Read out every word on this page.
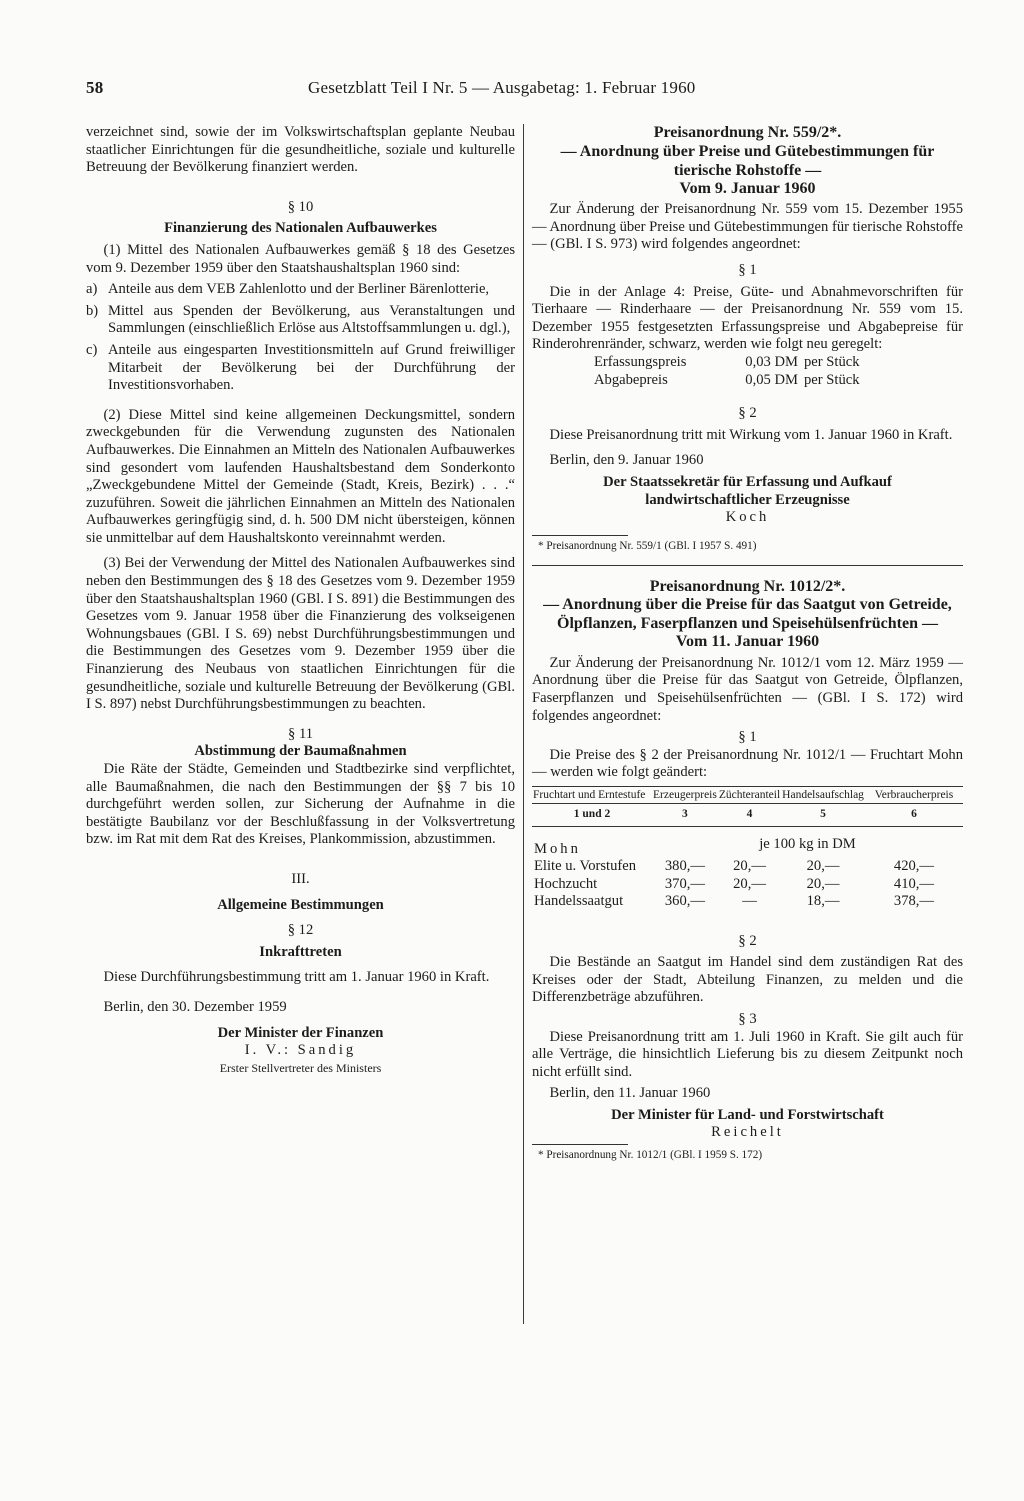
58	Gesetzblatt Teil I Nr. 5 — Ausgabetag: 1. Februar 1960

verzeichnet sind, sowie der im Volkswirtschaftsplan geplante Neubau staatlicher Einrichtungen für die gesundheitliche, soziale und kulturelle Betreuung der Bevölkerung finanziert werden.

§ 10
Finanzierung des Nationalen Aufbauwerkes

(1) Mittel des Nationalen Aufbauwerkes gemäß § 18 des Gesetzes vom 9. Dezember 1959 über den Staatshaushaltsplan 1960 sind:

a) Anteile aus dem VEB Zahlenlotto und der Berliner Bärenlotterie,
b) Mittel aus Spenden der Bevölkerung, aus Veranstaltungen und Sammlungen (einschließlich Erlöse aus Altstoffsammlungen u. dgl.),
c) Anteile aus eingesparten Investitionsmitteln auf Grund freiwilliger Mitarbeit der Bevölkerung bei der Durchführung der Investitionsvorhaben.

(2) Diese Mittel sind keine allgemeinen Deckungsmittel, sondern zweckgebunden für die Verwendung zugunsten des Nationalen Aufbauwerkes. Die Einnahmen an Mitteln des Nationalen Aufbauwerkes sind gesondert vom laufenden Haushaltsbestand dem Sonderkonto „Zweckgebundene Mittel der Gemeinde (Stadt, Kreis, Bezirk) . . .“ zuzuführen. Soweit die jährlichen Einnahmen an Mitteln des Nationalen Aufbauwerkes geringfügig sind, d. h. 500 DM nicht übersteigen, können sie unmittelbar auf dem Haushaltskonto vereinnahmt werden.

(3) Bei der Verwendung der Mittel des Nationalen Aufbauwerkes sind neben den Bestimmungen des § 18 des Gesetzes vom 9. Dezember 1959 über den Staatshaushaltsplan 1960 (GBl. I S. 891) die Bestimmungen des Gesetzes vom 9. Januar 1958 über die Finanzierung des volkseigenen Wohnungsbaues (GBl. I S. 69) nebst Durchführungsbestimmungen und die Bestimmungen des Gesetzes vom 9. Dezember 1959 über die Finanzierung des Neubaus von staatlichen Einrichtungen für die gesundheitliche, soziale und kulturelle Betreuung der Bevölkerung (GBl. I S. 897) nebst Durchführungsbestimmungen zu beachten.

§ 11
Abstimmung der Baumaßnahmen

Die Räte der Städte, Gemeinden und Stadtbezirke sind verpflichtet, alle Baumaßnahmen, die nach den Bestimmungen der §§ 7 bis 10 durchgeführt werden sollen, zur Sicherung der Aufnahme in die bestätigte Baubilanz vor der Beschlußfassung in der Volksvertretung bzw. im Rat mit dem Rat des Kreises, Plankommission, abzustimmen.

III.
Allgemeine Bestimmungen
§ 12
Inkrafttreten

Diese Durchführungsbestimmung tritt am 1. Januar 1960 in Kraft.

Berlin, den 30. Dezember 1959

Der Minister der Finanzen
I. V.: Sandig
Erster Stellvertreter des Ministers
Preisanordnung Nr. 559/2*.
— Anordnung über Preise und Gütebestimmungen für tierische Rohstoffe —
Vom 9. Januar 1960

Zur Änderung der Preisanordnung Nr. 559 vom 15. Dezember 1955 — Anordnung über Preise und Gütebestimmungen für tierische Rohstoffe — (GBl. I S. 973) wird folgendes angeordnet:

§ 1

Die in der Anlage 4: Preise, Güte- und Abnahmevorschriften für Tierhaare — Rinderhaare — der Preisanordnung Nr. 559 vom 15. Dezember 1955 festgesetzten Erfassungspreise und Abgabepreise für Rinderohrenränder, schwarz, werden wie folgt neu geregelt:

Erfassungspreis	0,03 DM per Stück
Abgabepreis	0,05 DM per Stück
§ 2

Diese Preisanordnung tritt mit Wirkung vom 1. Januar 1960 in Kraft.

Berlin, den 9. Januar 1960

Der Staatssekretär für Erfassung und Aufkauf landwirtschaftlicher Erzeugnisse
Koch
* Preisanordnung Nr. 559/1 (GBl. I 1957 S. 491)
Preisanordnung Nr. 1012/2*.
— Anordnung über die Preise für das Saatgut von Getreide, Ölpflanzen, Faserpflanzen und Speisehülsenfrüchten —
Vom 11. Januar 1960

Zur Änderung der Preisanordnung Nr. 1012/1 vom 12. März 1959 — Anordnung über die Preise für das Saatgut von Getreide, Ölpflanzen, Faserpflanzen und Speisehülsenfrüchten — (GBl. I S. 172) wird folgendes angeordnet:

§ 1

Die Preise des § 2 der Preisanordnung Nr. 1012/1 — Fruchtart Mohn — werden wie folgt geändert:

Fruchtart und Erntestufe	Erzeugerpreis	Züchteranteil	Handelsaufschlag	Verbraucherpreis
1 und 2	3	4	5	6
Mohn	je 100 kg in DM			
Elite u. Vorstufen	380,—	20,—	20,—	420,—
Hochzucht	370,—	20,—	20,—	410,—
Handelssaatgut	360,—	—	18,—	378,—
§ 2

Die Bestände an Saatgut im Handel sind dem zuständigen Rat des Kreises oder der Stadt, Abteilung Finanzen, zu melden und die Differenzbeträge abzuführen.

§ 3

Diese Preisanordnung tritt am 1. Juli 1960 in Kraft. Sie gilt auch für alle Verträge, die hinsichtlich Lieferung bis zu diesem Zeitpunkt noch nicht erfüllt sind.

Berlin, den 11. Januar 1960

Der Minister für Land- und Forstwirtschaft
Reichelt
* Preisanordnung Nr. 1012/1 (GBl. I 1959 S. 172)
